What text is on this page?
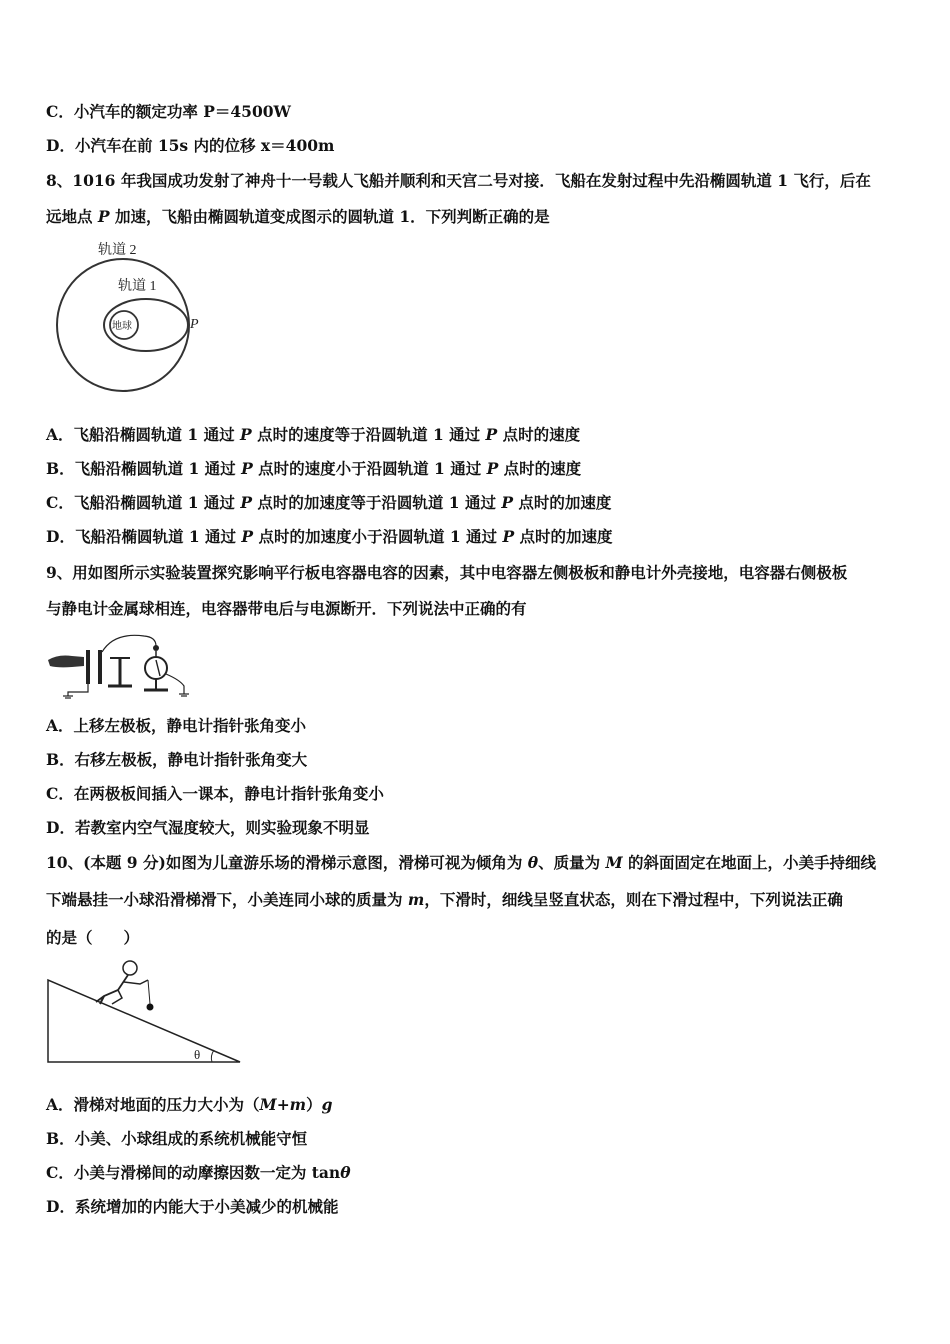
C．小汽车的额定功率 P＝4500W
D．小汽车在前 15s 内的位移 x＝400m
8、1016 年我国成功发射了神舟十一号载人飞船并顺利和天宫二号对接．飞船在发射过程中先沿椭圆轨道 1 飞行，后在
远地点 P 加速，飞船由椭圆轨道变成图示的圆轨道 1．下列判断正确的是
轨道 2
轨道 1
地球	P
A．飞船沿椭圆轨道 1 通过 P 点时的速度等于沿圆轨道 1 通过 P 点时的速度
B．飞船沿椭圆轨道 1 通过 P 点时的速度小于沿圆轨道 1 通过 P 点时的速度
C．飞船沿椭圆轨道 1 通过 P 点时的加速度等于沿圆轨道 1 通过 P 点时的加速度
D．飞船沿椭圆轨道 1 通过 P 点时的加速度小于沿圆轨道 1 通过 P 点时的加速度
9、用如图所示实验装置探究影响平行板电容器电容的因素，其中电容器左侧极板和静电计外壳接地，电容器右侧极板
与静电计金属球相连，电容器带电后与电源断开．下列说法中正确的有
A．上移左极板，静电计指针张角变小
B．右移左极板，静电计指针张角变大
C．在两极板间插入一课本，静电计指针张角变小
D．若教室内空气湿度较大，则实验现象不明显
10、(本题 9 分)如图为儿童游乐场的滑梯示意图，滑梯可视为倾角为 θ、质量为 M 的斜面固定在地面上，小美手持细线
下端悬挂一小球沿滑梯滑下，小美连同小球的质量为 m，下滑时，细线呈竖直状态，则在下滑过程中，下列说法正确
的是（　　）
θ
A．滑梯对地面的压力大小为（M+m）g
B．小美、小球组成的系统机械能守恒
C．小美与滑梯间的动摩擦因数一定为 tanθ
D．系统增加的内能大于小美减少的机械能
